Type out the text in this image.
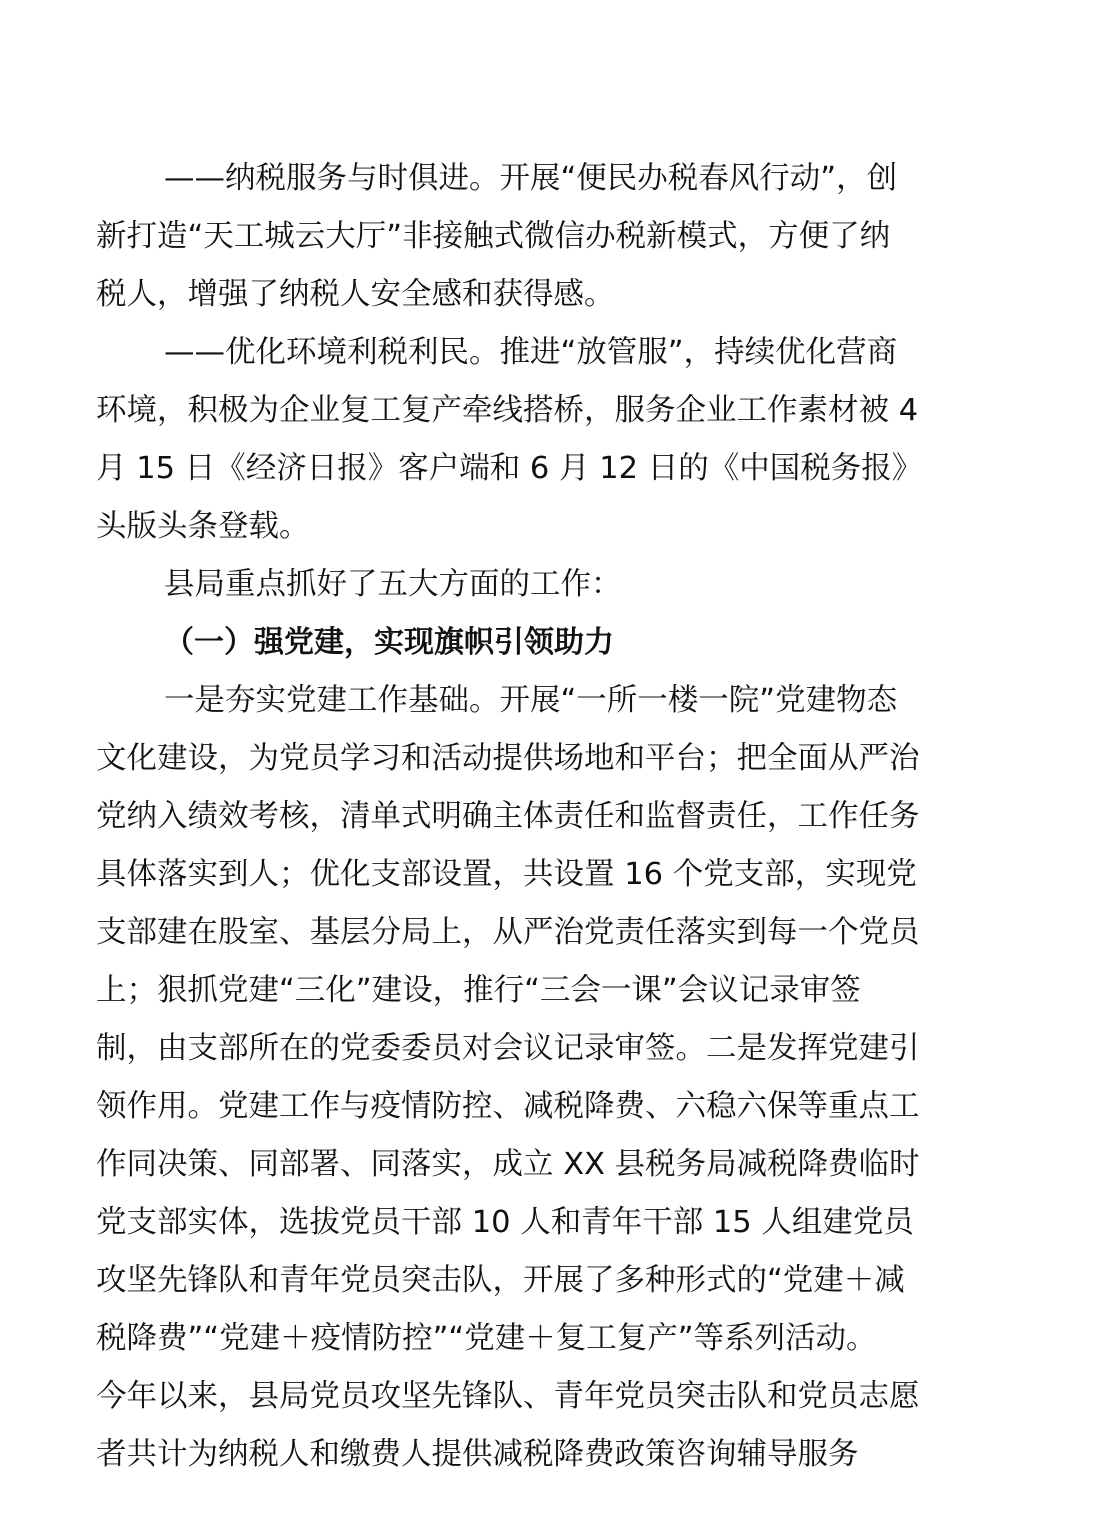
——纳税服务与时俱进。开展“便民办税春风行动”，创
新打造“天工城云大厅”非接触式微信办税新模式，方便了纳
税人，增强了纳税人安全感和获得感。
——优化环境利税利民。推进“放管服”，持续优化营商
环境，积极为企业复工复产牵线搭桥，服务企业工作素材被 4
月 15 日《经济日报》客户端和 6 月 12 日的《中国税务报》
头版头条登载。
县局重点抓好了五大方面的工作：
（一）强党建，实现旗帜引领助力
一是夯实党建工作基础。开展“一所一楼一院”党建物态
文化建设，为党员学习和活动提供场地和平台；把全面从严治
党纳入绩效考核，清单式明确主体责任和监督责任，工作任务
具体落实到人；优化支部设置，共设置 16 个党支部，实现党
支部建在股室、基层分局上，从严治党责任落实到每一个党员
上；狠抓党建“三化”建设，推行“三会一课”会议记录审签
制，由支部所在的党委委员对会议记录审签。二是发挥党建引
领作用。党建工作与疫情防控、减税降费、六稳六保等重点工
作同决策、同部署、同落实，成立 XX 县税务局减税降费临时
党支部实体，选拔党员干部 10 人和青年干部 15 人组建党员
攻坚先锋队和青年党员突击队，开展了多种形式的“党建＋减
税降费”“党建＋疫情防控”“党建＋复工复产”等系列活动。
今年以来，县局党员攻坚先锋队、青年党员突击队和党员志愿
者共计为纳税人和缴费人提供减税降费政策咨询辅导服务
